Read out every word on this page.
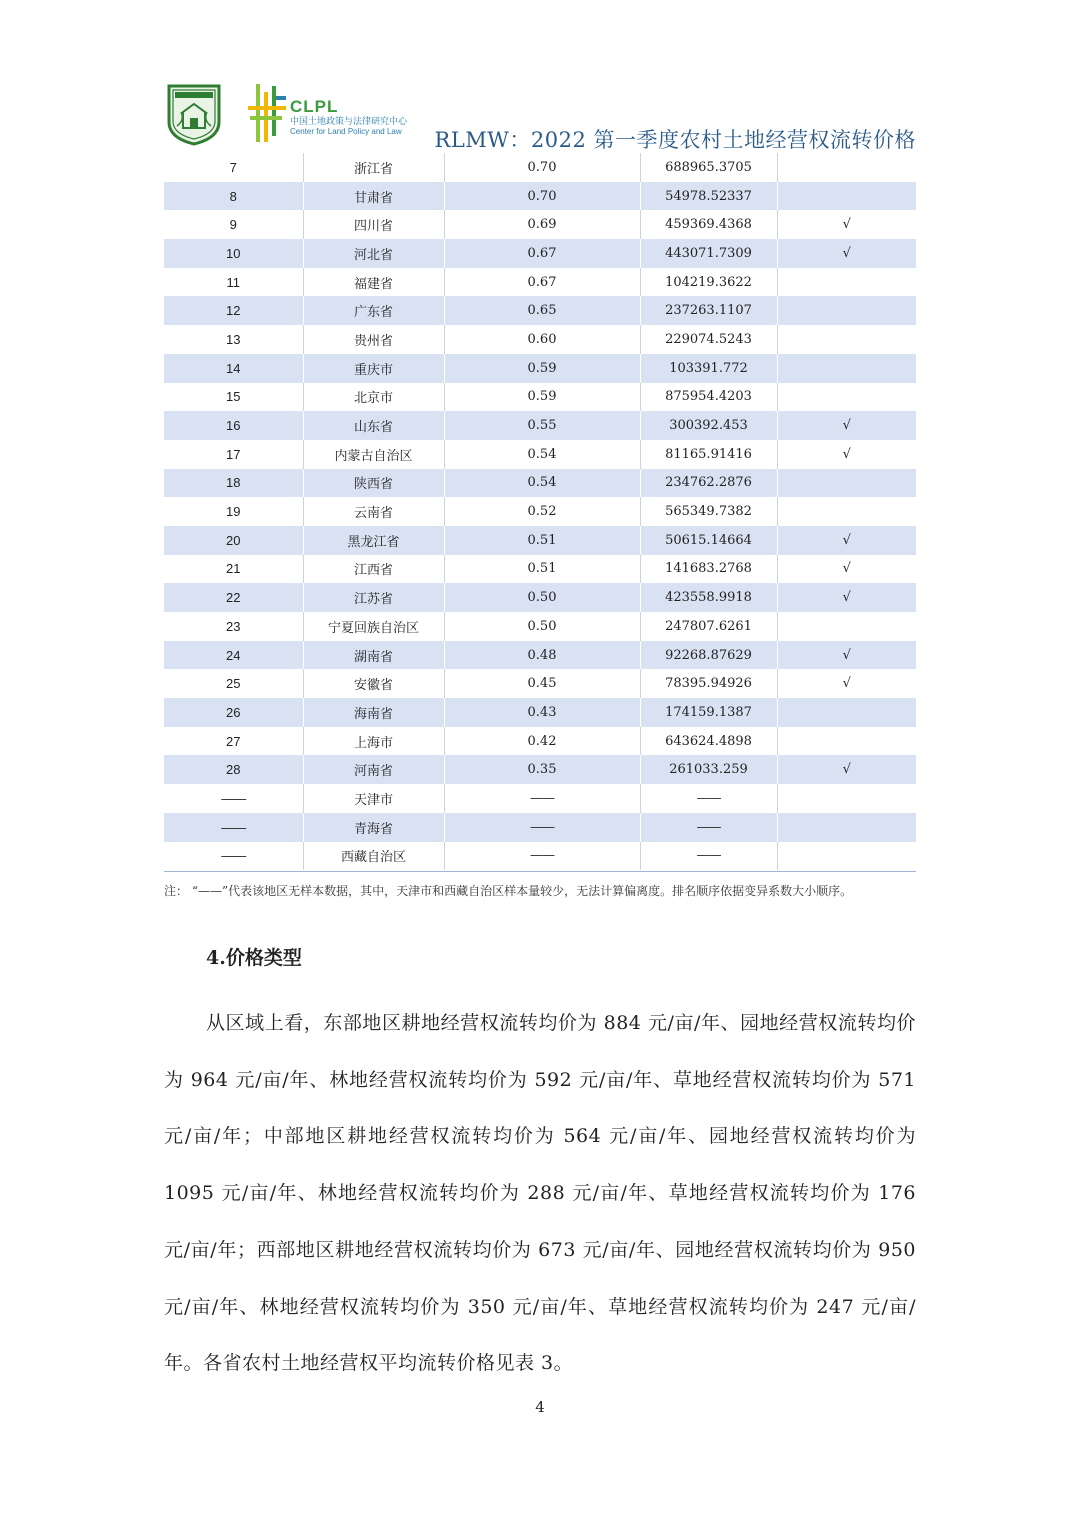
CLPL
中国土地政策与法律研究中心
Center for Land Policy and Law RLMW：2022 第一季度农村土地经营权流转价格
7	浙江省	0.70	688965.3705	
8	甘肃省	0.70	54978.52337	
9	四川省	0.69	459369.4368	√
10	河北省	0.67	443071.7309	√
11	福建省	0.67	104219.3622	
12	广东省	0.65	237263.1107	
13	贵州省	0.60	229074.5243	
14	重庆市	0.59	103391.772	
15	北京市	0.59	875954.4203	
16	山东省	0.55	300392.453	√
17	内蒙古自治区	0.54	81165.91416	√
18	陕西省	0.54	234762.2876	
19	云南省	0.52	565349.7382	
20	黑龙江省	0.51	50615.14664	√
21	江西省	0.51	141683.2768	√
22	江苏省	0.50	423558.9918	√
23	宁夏回族自治区	0.50	247807.6261	
24	湖南省	0.48	92268.87629	√
25	安徽省	0.45	78395.94926	√
26	海南省	0.43	174159.1387	
27	上海市	0.42	643624.4898	
28	河南省	0.35	261033.259	√
——	天津市	——	——	
——	青海省	——	——	
——	西藏自治区	——	——	
注： “——”代表该地区无样本数据，其中，天津市和西藏自治区样本量较少，无法计算偏离度。排名顺序依据变异系数大小顺序。
4.价格类型
从区域上看，东部地区耕地经营权流转均价为 884 元/亩/年、园地经营权流转均价为 964 元/亩/年、林地经营权流转均价为 592 元/亩/年、草地经营权流转均价为 571 元/亩/年；中部地区耕地经营权流转均价为 564 元/亩/年、园地经营权流转均价为 1095 元/亩/年、林地经营权流转均价为 288 元/亩/年、草地经营权流转均价为 176 元/亩/年；西部地区耕地经营权流转均价为 673 元/亩/年、园地经营权流转均价为 950 元/亩/年、林地经营权流转均价为 350 元/亩/年、草地经营权流转均价为 247 元/亩/年。各省农村土地经营权平均流转价格见表 3。
4
